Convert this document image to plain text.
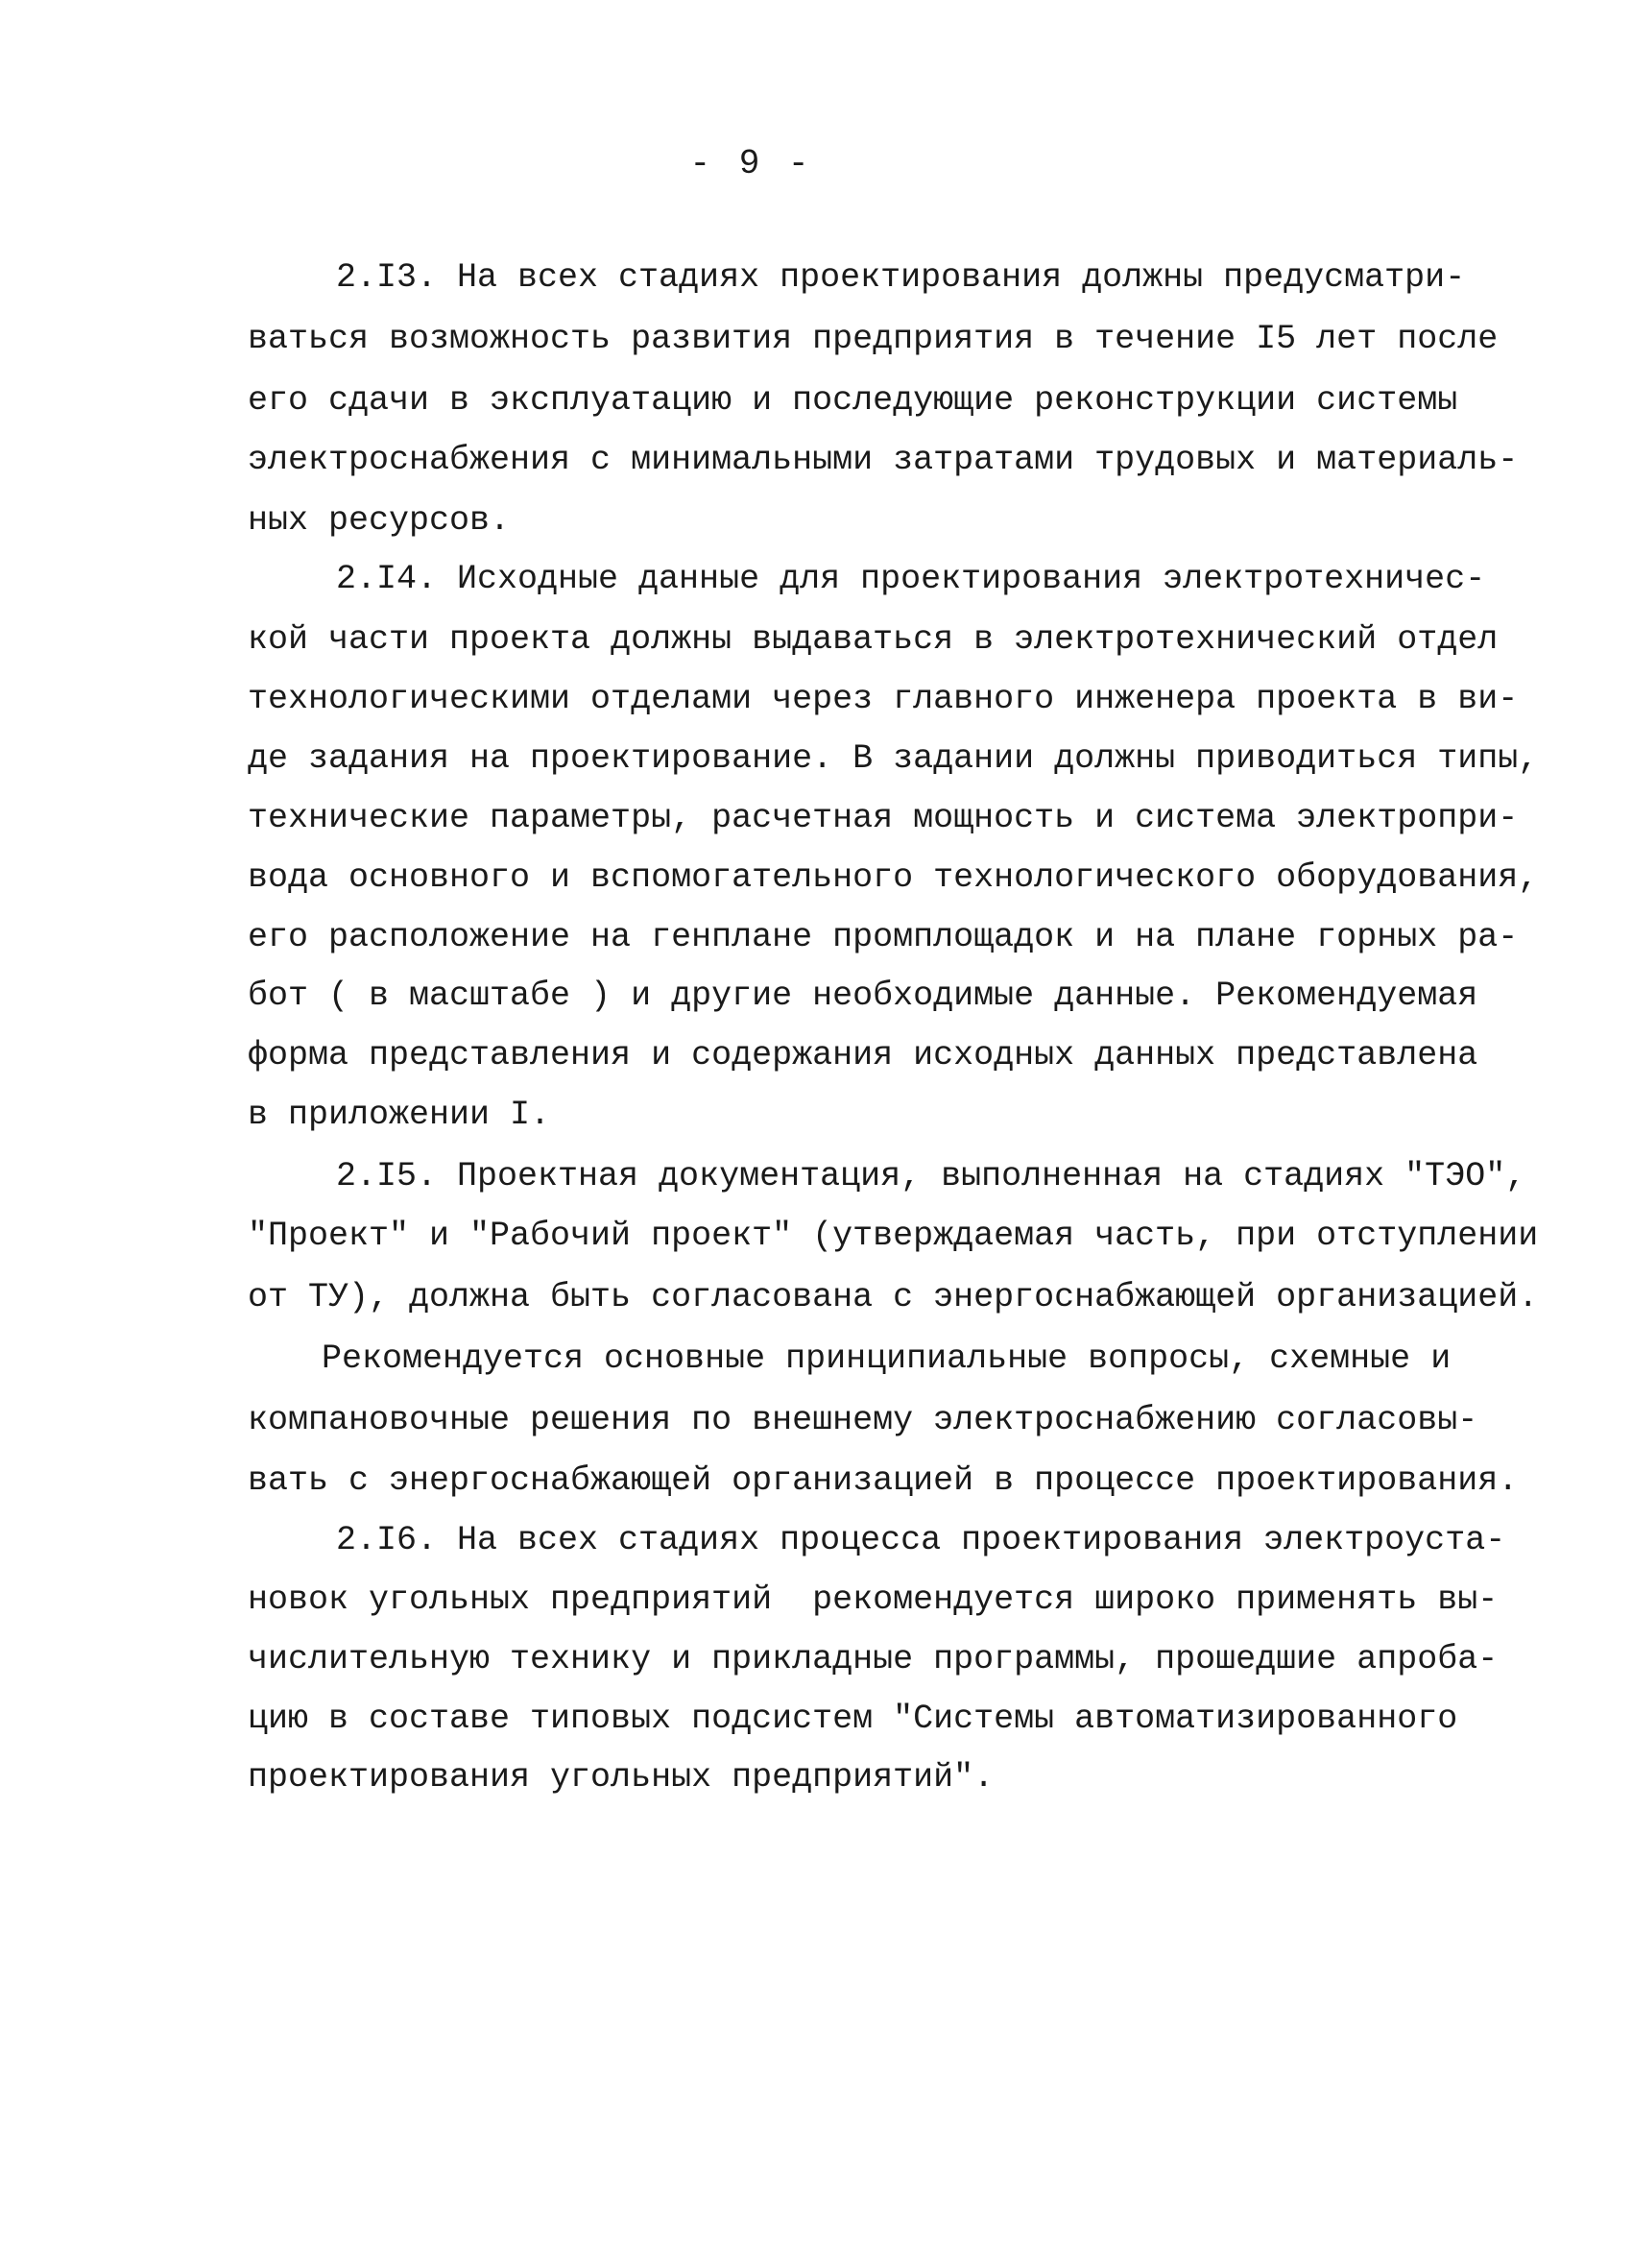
- 9 -

2.I3. На всех стадиях проектирования должны предусматри-

ваться возможность развития предприятия в течение I5 лет после

его сдачи в эксплуатацию и последующие реконструкции системы

электроснабжения с минимальными затратами трудовых и материаль-

ных ресурсов.

2.I4. Исходные данные для проектирования электротехничес-

кой части проекта должны выдаваться в электротехнический отдел

технологическими отделами через главного инженера проекта в ви-

де задания на проектирование. В задании должны приводиться типы,

технические параметры, расчетная мощность и система электропри-

вода основного и вспомогательного технологического оборудования,

его расположение на генплане промплощадок и на плане горных ра-

бот ( в масштабе ) и другие необходимые данные. Рекомендуемая

форма представления и содержания исходных данных представлена

в приложении I.

2.I5. Проектная документация, выполненная на стадиях "ТЭО",

"Проект" и "Рабочий проект" (утверждаемая часть, при отступлении

от ТУ), должна быть согласована с энергоснабжающей организацией.

Рекомендуется основные принципиальные вопросы, схемные и

компановочные решения по внешнему электроснабжению согласовы-

вать с энергоснабжающей организацией в процессе проектирования.

2.I6. На всех стадиях процесса проектирования электроуста-

новок угольных предприятий  рекомендуется широко применять вы-

числительную технику и прикладные программы, прошедшие апроба-

цию в составе типовых подсистем "Системы автоматизированного

проектирования угольных предприятий".
